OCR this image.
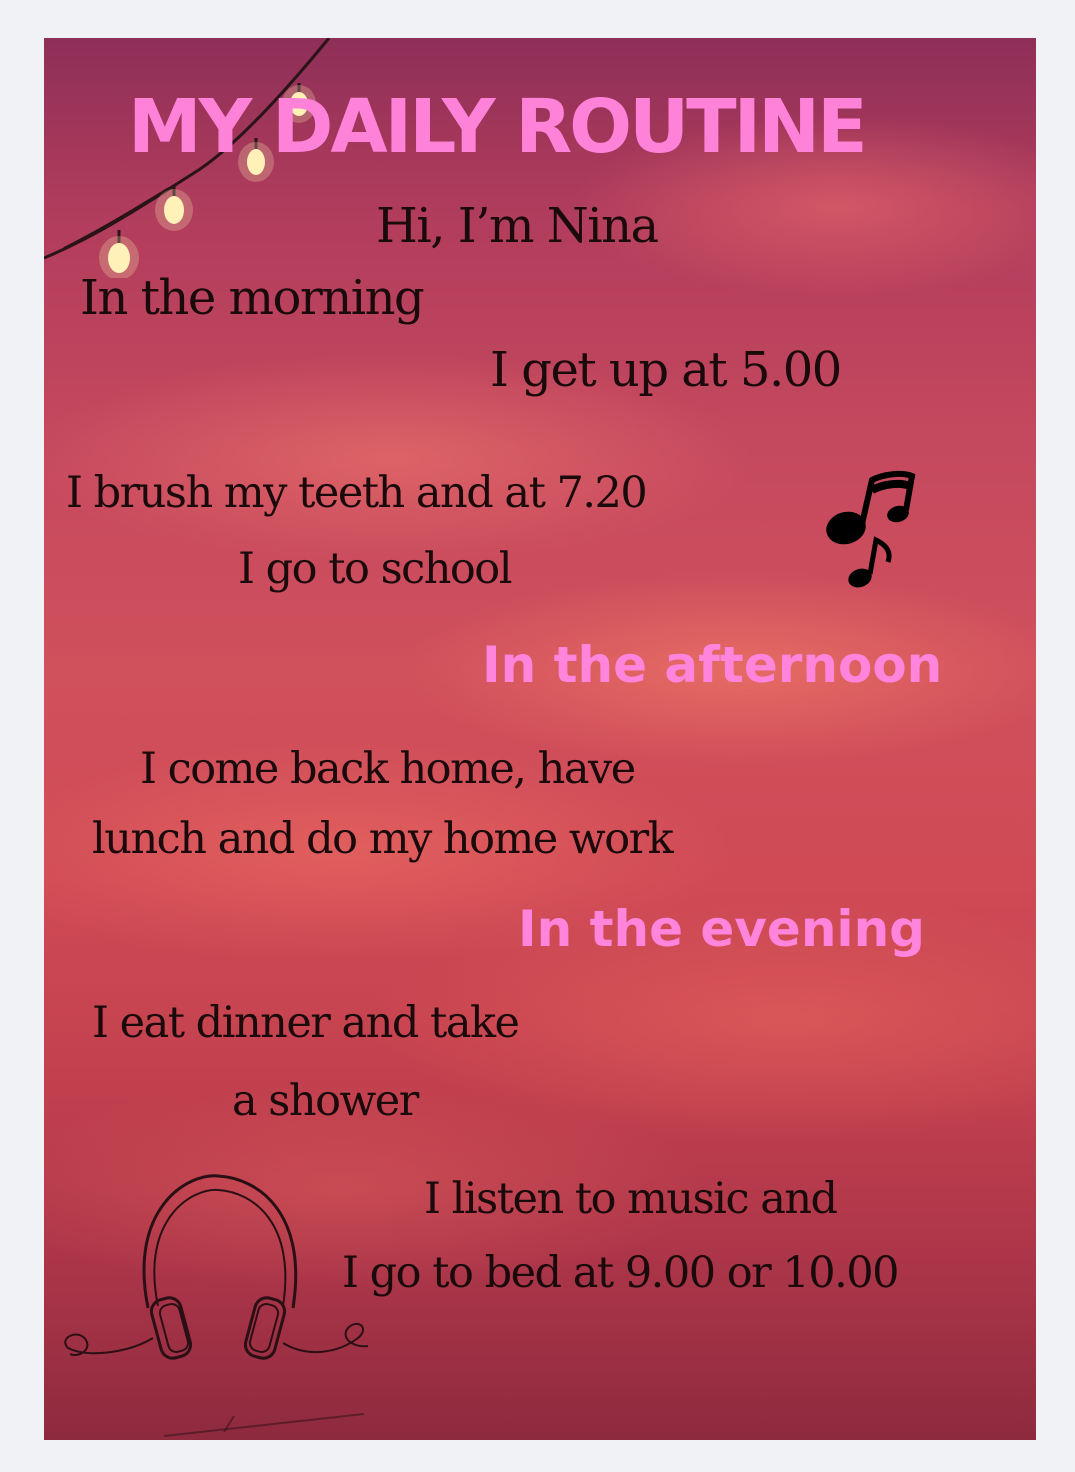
MY DAILY ROUTINE

Hi, I’m Nina

In the morning

I get up at 5.00

I brush my teeth and at 7.20

I go to school

In the afternoon

I come back home, have

lunch and do my home work

In the evening

I eat dinner and take

a shower

I listen to music and

I go to bed at 9.00 or 10.00
